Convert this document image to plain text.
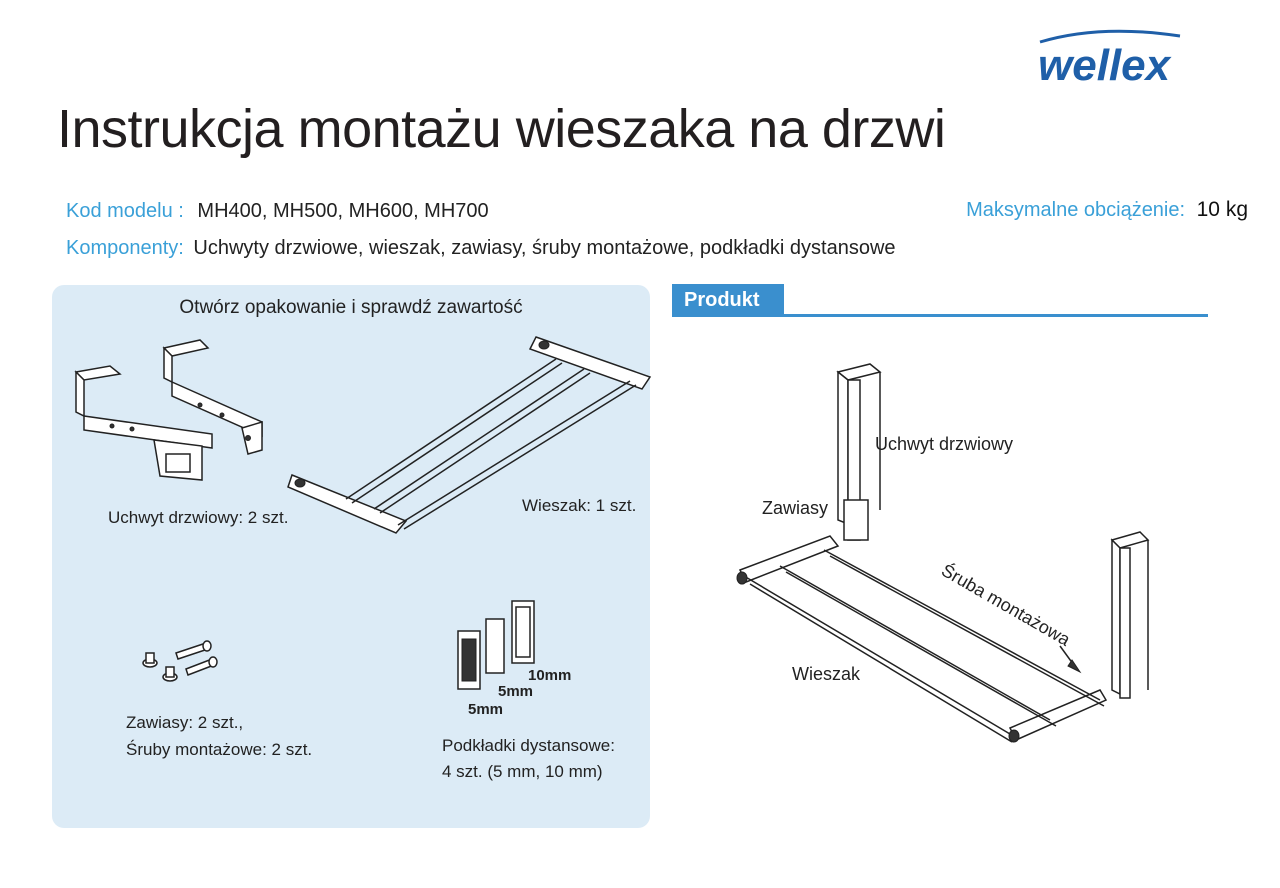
wellex
Instrukcja montażu wieszaka na drzwi
Kod modelu : MH400, MH500, MH600, MH700
Komponenty: Uchwyty drzwiowe, wieszak, zawiasy, śruby montażowe, podkładki dystansowe
Maksymalne obciążenie: 10 kg
Otwórz opakowanie i sprawdź zawartość
Uchwyt drzwiowy: 2 szt.
Wieszak: 1 szt.
Zawiasy: 2 szt.,
Śruby montażowe: 2 szt.
5mm
5mm
10mm
Podkładki dystansowe:
4 szt. (5 mm, 10 mm)
Produkt
Uchwyt drzwiowy
Zawiasy
Śruba montażowa
Wieszak
